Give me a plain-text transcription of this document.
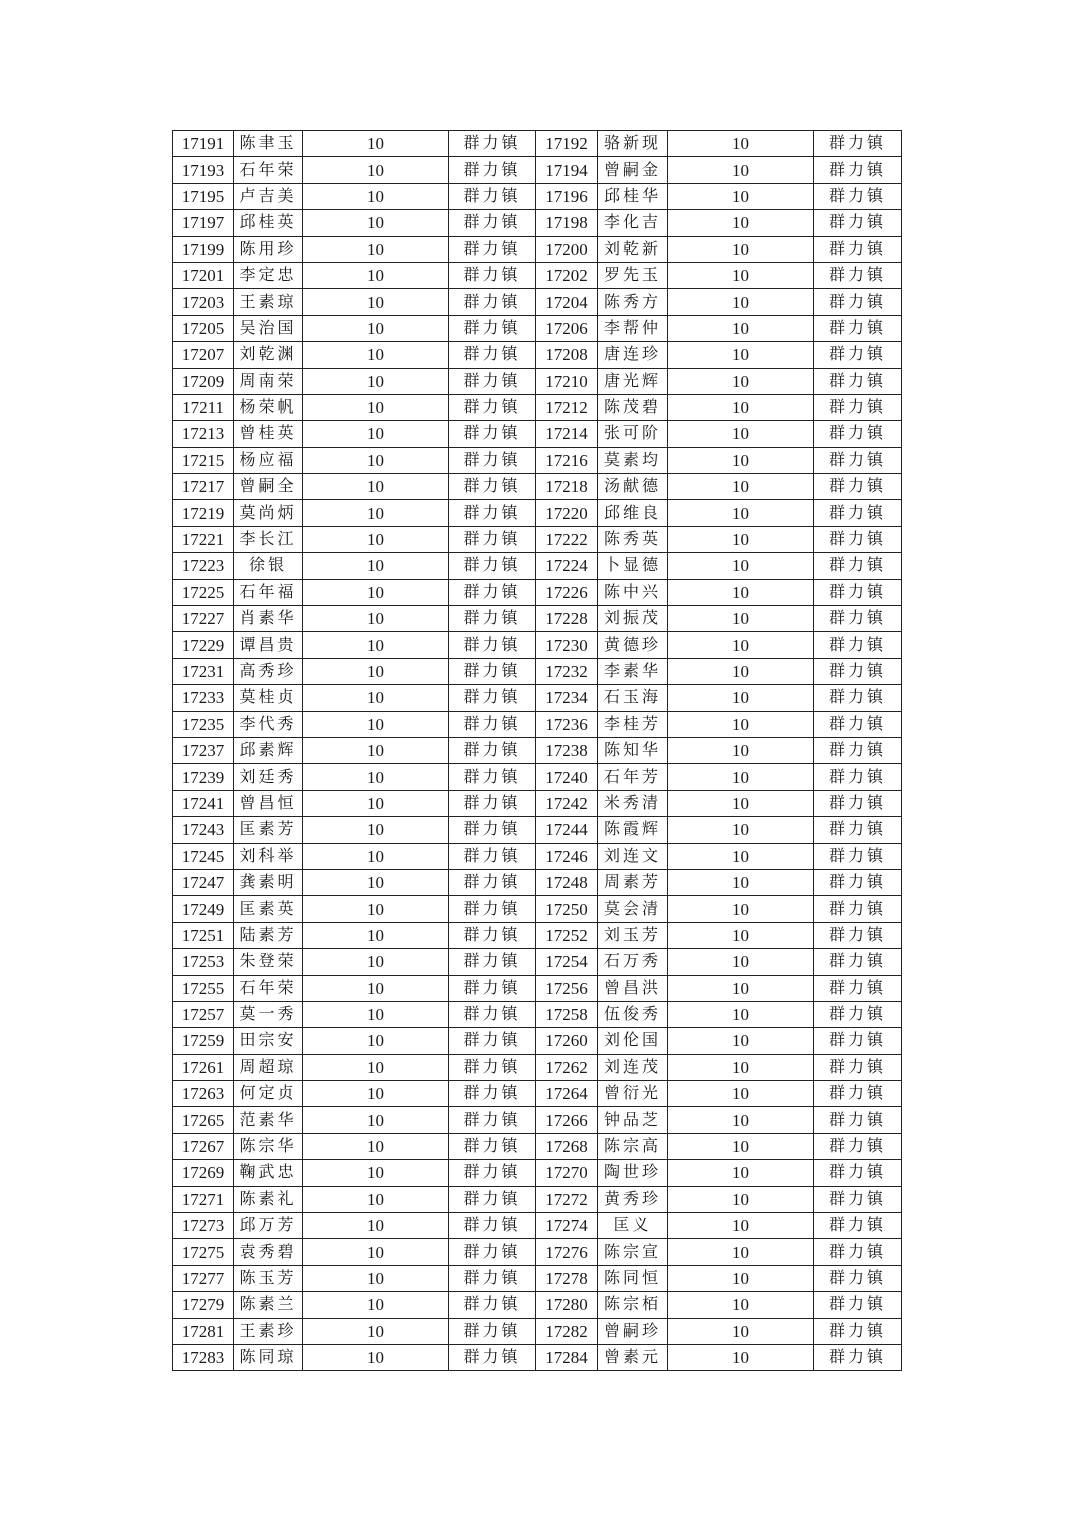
17191	陈聿玉	10	群力镇	17192	骆新现	10	群力镇
17193	石年荣	10	群力镇	17194	曾嗣金	10	群力镇
17195	卢吉美	10	群力镇	17196	邱桂华	10	群力镇
17197	邱桂英	10	群力镇	17198	李化吉	10	群力镇
17199	陈用珍	10	群力镇	17200	刘乾新	10	群力镇
17201	李定忠	10	群力镇	17202	罗先玉	10	群力镇
17203	王素琼	10	群力镇	17204	陈秀方	10	群力镇
17205	吴治国	10	群力镇	17206	李帮仲	10	群力镇
17207	刘乾渊	10	群力镇	17208	唐连珍	10	群力镇
17209	周南荣	10	群力镇	17210	唐光辉	10	群力镇
17211	杨荣帆	10	群力镇	17212	陈茂碧	10	群力镇
17213	曾桂英	10	群力镇	17214	张可阶	10	群力镇
17215	杨应福	10	群力镇	17216	莫素均	10	群力镇
17217	曾嗣全	10	群力镇	17218	汤献德	10	群力镇
17219	莫尚炳	10	群力镇	17220	邱维良	10	群力镇
17221	李长江	10	群力镇	17222	陈秀英	10	群力镇
17223	徐银	10	群力镇	17224	卜显德	10	群力镇
17225	石年福	10	群力镇	17226	陈中兴	10	群力镇
17227	肖素华	10	群力镇	17228	刘振茂	10	群力镇
17229	谭昌贵	10	群力镇	17230	黄德珍	10	群力镇
17231	高秀珍	10	群力镇	17232	李素华	10	群力镇
17233	莫桂贞	10	群力镇	17234	石玉海	10	群力镇
17235	李代秀	10	群力镇	17236	李桂芳	10	群力镇
17237	邱素辉	10	群力镇	17238	陈知华	10	群力镇
17239	刘廷秀	10	群力镇	17240	石年芳	10	群力镇
17241	曾昌恒	10	群力镇	17242	米秀清	10	群力镇
17243	匡素芳	10	群力镇	17244	陈霞辉	10	群力镇
17245	刘科举	10	群力镇	17246	刘连文	10	群力镇
17247	龚素明	10	群力镇	17248	周素芳	10	群力镇
17249	匡素英	10	群力镇	17250	莫会清	10	群力镇
17251	陆素芳	10	群力镇	17252	刘玉芳	10	群力镇
17253	朱登荣	10	群力镇	17254	石万秀	10	群力镇
17255	石年荣	10	群力镇	17256	曾昌洪	10	群力镇
17257	莫一秀	10	群力镇	17258	伍俊秀	10	群力镇
17259	田宗安	10	群力镇	17260	刘伦国	10	群力镇
17261	周超琼	10	群力镇	17262	刘连茂	10	群力镇
17263	何定贞	10	群力镇	17264	曾衍光	10	群力镇
17265	范素华	10	群力镇	17266	钟品芝	10	群力镇
17267	陈宗华	10	群力镇	17268	陈宗高	10	群力镇
17269	鞠武忠	10	群力镇	17270	陶世珍	10	群力镇
17271	陈素礼	10	群力镇	17272	黄秀珍	10	群力镇
17273	邱万芳	10	群力镇	17274	匡义	10	群力镇
17275	袁秀碧	10	群力镇	17276	陈宗宣	10	群力镇
17277	陈玉芳	10	群力镇	17278	陈同恒	10	群力镇
17279	陈素兰	10	群力镇	17280	陈宗栢	10	群力镇
17281	王素珍	10	群力镇	17282	曾嗣珍	10	群力镇
17283	陈同琼	10	群力镇	17284	曾素元	10	群力镇
